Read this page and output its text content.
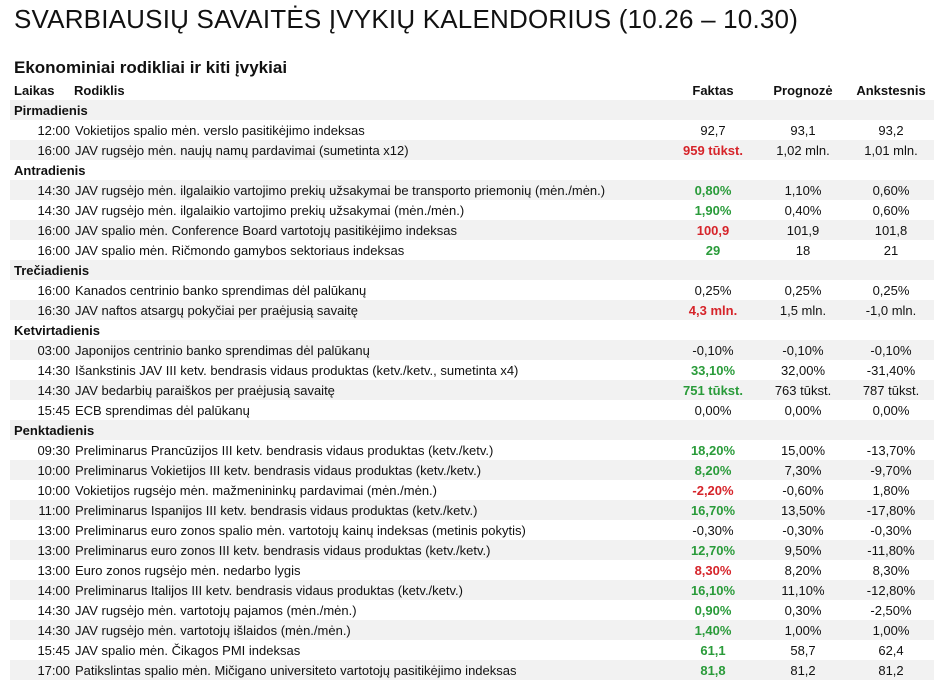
SVARBIAUSIŲ SAVAITĖS ĮVYKIŲ KALENDORIUS (10.26 – 10.30)
Ekonominiai rodikliai ir kiti įvykiai
Laikas	Rodiklis	Faktas	Prognozė	Ankstesnis
Pirmadienis				
12:00	Vokietijos spalio mėn. verslo pasitikėjimo indeksas	92,7	93,1	93,2
16:00	JAV rugsėjo mėn. naujų namų pardavimai (sumetinta x12)	959 tūkst.	1,02 mln.	1,01 mln.
Antradienis				
14:30	JAV rugsėjo mėn. ilgalaikio vartojimo prekių užsakymai be transporto priemonių (mėn./mėn.)	0,80%	1,10%	0,60%
14:30	JAV rugsėjo mėn. ilgalaikio vartojimo prekių užsakymai (mėn./mėn.)	1,90%	0,40%	0,60%
16:00	JAV spalio mėn. Conference Board vartotojų pasitikėjimo indeksas	100,9	101,9	101,8
16:00	JAV spalio mėn. Ričmondo gamybos sektoriaus indeksas	29	18	21
Trečiadienis				
16:00	Kanados centrinio banko sprendimas dėl palūkanų	0,25%	0,25%	0,25%
16:30	JAV naftos atsargų pokyčiai per praėjusią savaitę	4,3 mln.	1,5 mln.	-1,0 mln.
Ketvirtadienis				
03:00	Japonijos centrinio banko sprendimas dėl palūkanų	-0,10%	-0,10%	-0,10%
14:30	Išankstinis JAV III ketv. bendrasis vidaus produktas (ketv./ketv., sumetinta x4)	33,10%	32,00%	-31,40%
14:30	JAV bedarbių paraiškos per praėjusią savaitę	751 tūkst.	763 tūkst.	787 tūkst.
15:45	ECB sprendimas dėl palūkanų	0,00%	0,00%	0,00%
Penktadienis				
09:30	Preliminarus Prancūzijos III ketv. bendrasis vidaus produktas (ketv./ketv.)	18,20%	15,00%	-13,70%
10:00	Preliminarus Vokietijos III ketv. bendrasis vidaus produktas (ketv./ketv.)	8,20%	7,30%	-9,70%
10:00	Vokietijos rugsėjo mėn. mažmenininkų pardavimai (mėn./mėn.)	-2,20%	-0,60%	1,80%
11:00	Preliminarus Ispanijos III ketv. bendrasis vidaus produktas (ketv./ketv.)	16,70%	13,50%	-17,80%
13:00	Preliminarus euro zonos spalio mėn. vartotojų kainų indeksas (metinis pokytis)	-0,30%	-0,30%	-0,30%
13:00	Preliminarus euro zonos III ketv. bendrasis vidaus produktas (ketv./ketv.)	12,70%	9,50%	-11,80%
13:00	Euro zonos rugsėjo mėn. nedarbo lygis	8,30%	8,20%	8,30%
14:00	Preliminarus Italijos III ketv. bendrasis vidaus produktas (ketv./ketv.)	16,10%	11,10%	-12,80%
14:30	JAV rugsėjo mėn. vartotojų pajamos (mėn./mėn.)	0,90%	0,30%	-2,50%
14:30	JAV rugsėjo mėn. vartotojų išlaidos (mėn./mėn.)	1,40%	1,00%	1,00%
15:45	JAV spalio mėn. Čikagos PMI indeksas	61,1	58,7	62,4
17:00	Patikslintas spalio mėn. Mičigano universiteto vartotojų pasitikėjimo indeksas	81,8	81,2	81,2
